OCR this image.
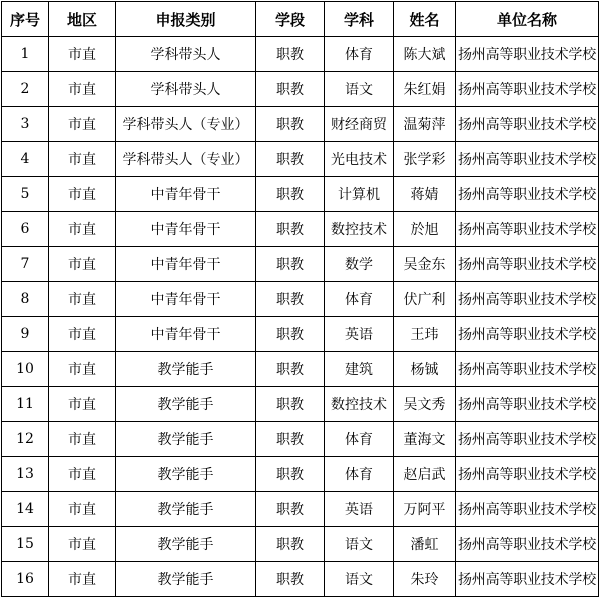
序号	地区	申报类别	学段	学科	姓名	单位名称
1	市直	学科带头人	职教	体育	陈大斌	扬州高等职业技术学校
2	市直	学科带头人	职教	语文	朱红娟	扬州高等职业技术学校
3	市直	学科带头人（专业）	职教	财经商贸	温菊萍	扬州高等职业技术学校
4	市直	学科带头人（专业）	职教	光电技术	张学彩	扬州高等职业技术学校
5	市直	中青年骨干	职教	计算机	蒋婧	扬州高等职业技术学校
6	市直	中青年骨干	职教	数控技术	於旭	扬州高等职业技术学校
7	市直	中青年骨干	职教	数学	吴金东	扬州高等职业技术学校
8	市直	中青年骨干	职教	体育	伏广利	扬州高等职业技术学校
9	市直	中青年骨干	职教	英语	王玮	扬州高等职业技术学校
10	市直	教学能手	职教	建筑	杨铖	扬州高等职业技术学校
11	市直	教学能手	职教	数控技术	吴文秀	扬州高等职业技术学校
12	市直	教学能手	职教	体育	董海文	扬州高等职业技术学校
13	市直	教学能手	职教	体育	赵启武	扬州高等职业技术学校
14	市直	教学能手	职教	英语	万阿平	扬州高等职业技术学校
15	市直	教学能手	职教	语文	潘虹	扬州高等职业技术学校
16	市直	教学能手	职教	语文	朱玲	扬州高等职业技术学校
